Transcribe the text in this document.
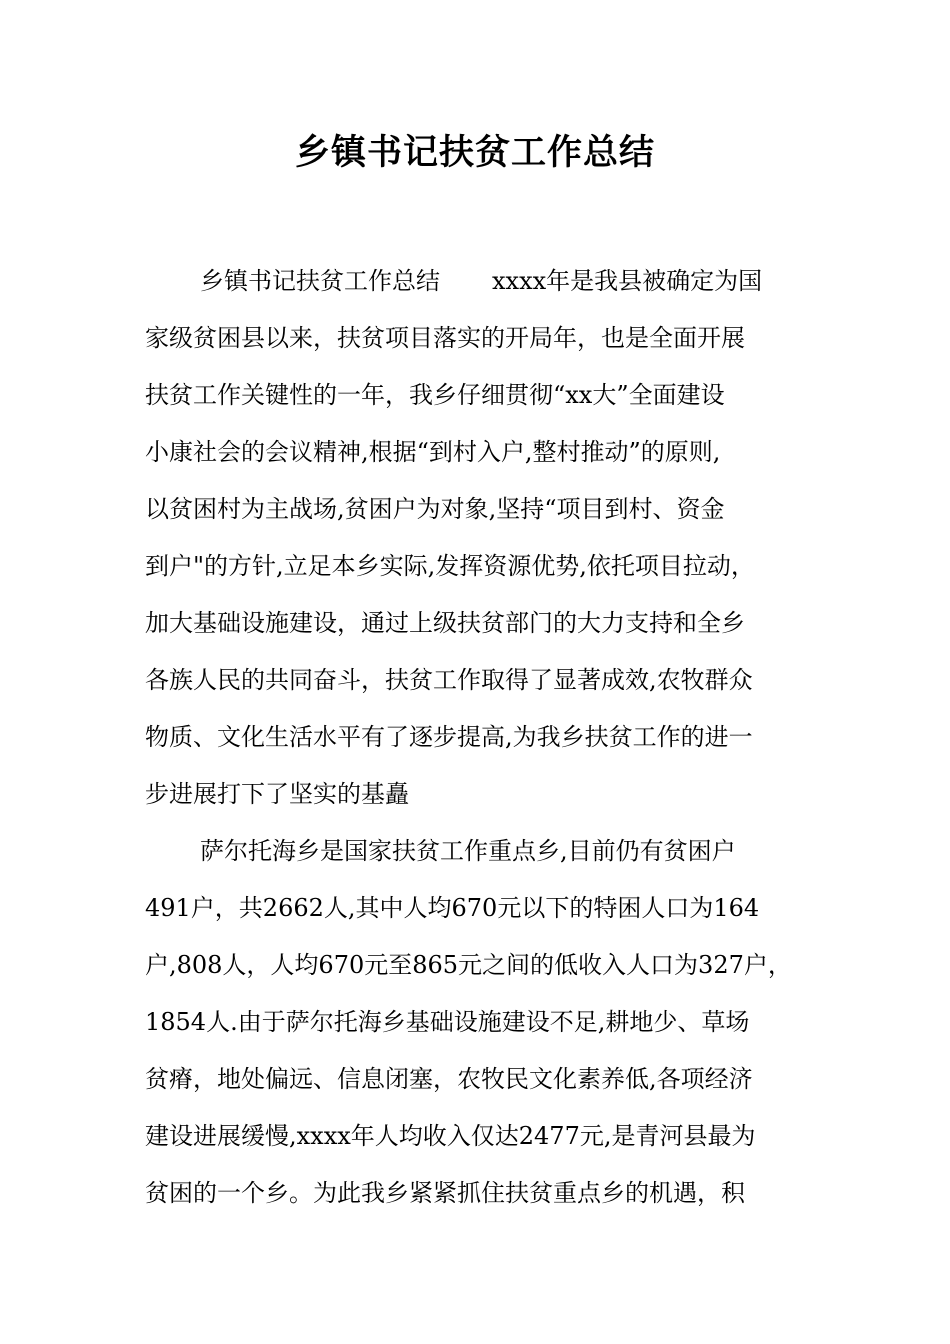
乡镇书记扶贫工作总结
乡镇书记扶贫工作总结 xxxx年是我县被确定为国
家级贫困县以来，扶贫项目落实的开局年，也是全面开展
扶贫工作关键性的一年，我乡仔细贯彻“xx大”全面建设
小康社会的会议精神,根据“到村入户,整村推动”的原则,
以贫困村为主战场,贫困户为对象,坚持“项目到村、资金
到户"的方针,立足本乡实际,发挥资源优势,依托项目拉动，
加大基础设施建设，通过上级扶贫部门的大力支持和全乡
各族人民的共同奋斗，扶贫工作取得了显著成效,农牧群众
物质、文化生活水平有了逐步提高,为我乡扶贫工作的进一
步进展打下了坚实的基矗
萨尔托海乡是国家扶贫工作重点乡,目前仍有贫困户
491户，共2662人,其中人均670元以下的特困人口为164
户,808人，人均670元至865元之间的低收入人口为327户，
1854人.由于萨尔托海乡基础设施建设不足,耕地少、草场
贫瘠，地处偏远、信息闭塞，农牧民文化素养低,各项经济
建设进展缓慢,xxxx年人均收入仅达2477元,是青河县最为
贫困的一个乡。为此我乡紧紧抓住扶贫重点乡的机遇，积
